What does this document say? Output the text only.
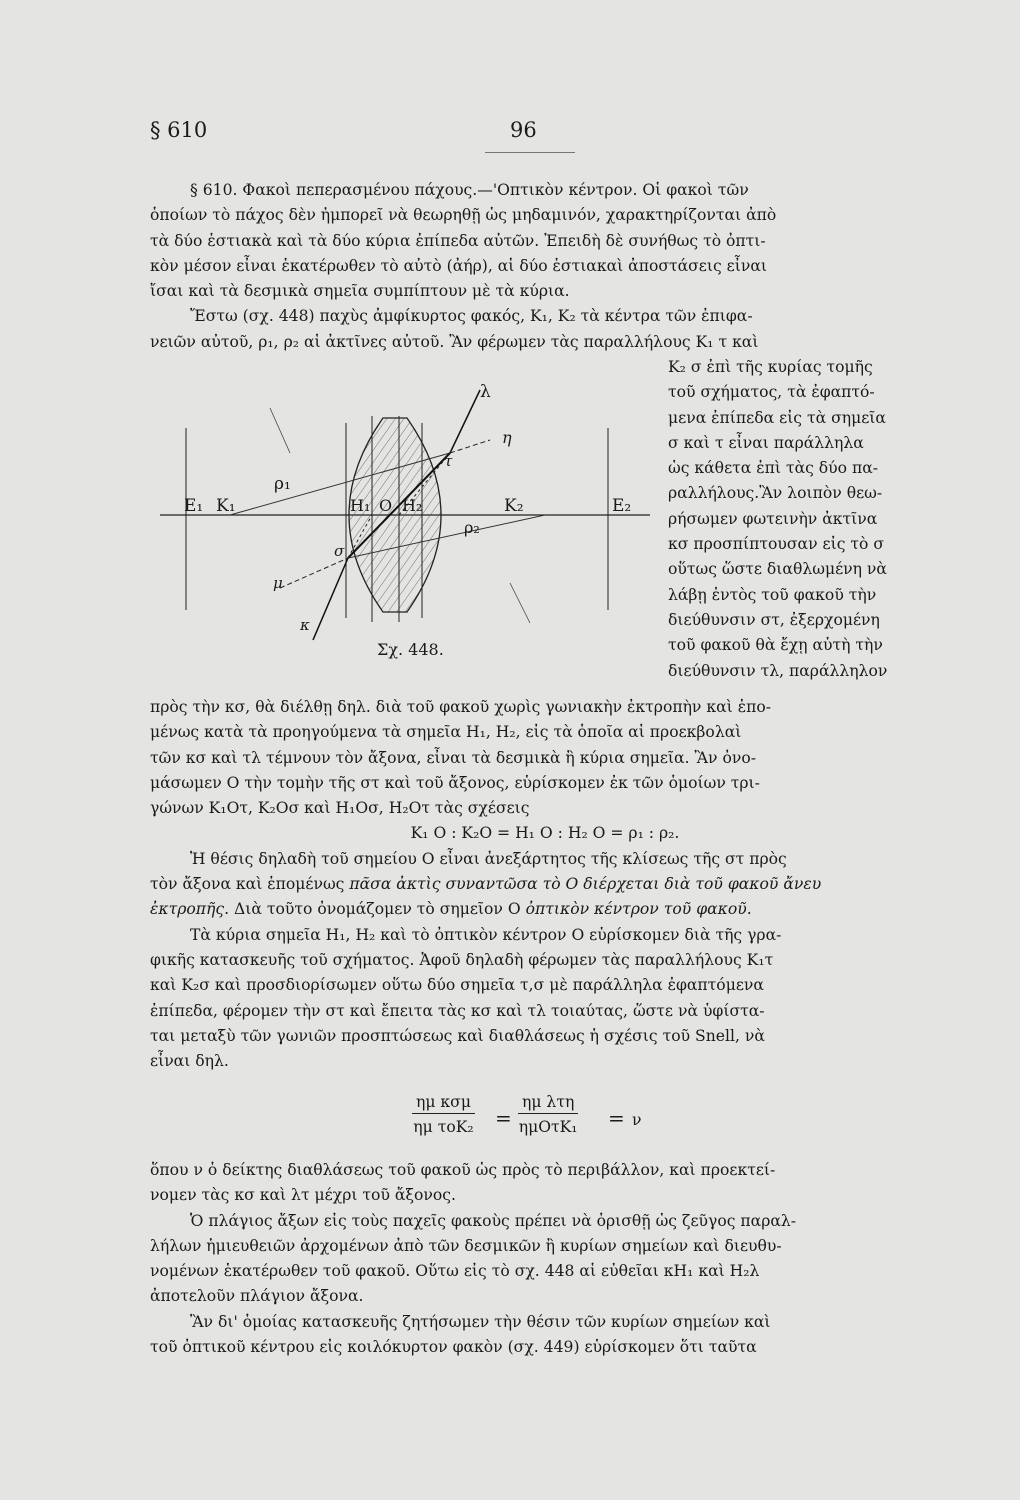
§ 610	96
§ 610. Φακοὶ πεπερασμένου πάχους.—'Οπτικὸν κέντρον. Οἱ φακοὶ τῶν
ὁποίων τὸ πάχος δὲν ἠμπορεῖ νὰ θεωρηθῇ ὡς μηδαμινόν, χαρακτηρίζονται ἀπὸ
τὰ δύο ἑστιακὰ καὶ τὰ δύο κύρια ἐπίπεδα αὐτῶν. Ἐπειδὴ δὲ συνήθως τὸ ὀπτι-
κὸν μέσον εἶναι ἑκατέρωθεν τὸ αὐτὸ (ἀήρ), αἱ δύο ἑστιακαὶ ἀποστάσεις εἶναι
ἴσαι καὶ τὰ δεσμικὰ σημεῖα συμπίπτουν μὲ τὰ κύρια.
Ἔστω (σχ. 448) παχὺς ἀμφίκυρτος φακός, Κ₁, Κ₂ τὰ κέντρα τῶν ἐπιφα-
νειῶν αὐτοῦ, ρ₁, ρ₂ αἱ ἀκτῖνες αὐτοῦ. Ἂν φέρωμεν τὰς παραλλήλους Κ₁ τ καὶ
E₁ K₁
ρ₁
H₁ O H₂	K₂	E₂
ρ₂
λ
η
τ
σ
μ
κ
Σχ. 448.
Κ₂ σ ἐπὶ τῆς κυρίας τομῆς
τοῦ σχήματος, τὰ ἐφαπτό-
μενα ἐπίπεδα εἰς τὰ σημεῖα
σ καὶ τ εἶναι παράλληλα
ὡς κάθετα ἐπὶ τὰς δύο πα-
ραλλήλους.Ἂν λοιπὸν θεω-
ρήσωμεν φωτεινὴν ἀκτῖνα
κσ προσπίπτουσαν εἰς τὸ σ
οὕτως ὥστε διαθλωμένη νὰ
λάβῃ ἐντὸς τοῦ φακοῦ τὴν
διεύθυνσιν στ, ἐξερχομένη
τοῦ φακοῦ θὰ ἔχῃ αὐτὴ τὴν
διεύθυνσιν τλ, παράλληλον
πρὸς τὴν κσ, θὰ διέλθῃ δηλ. διὰ τοῦ φακοῦ χωρὶς γωνιακὴν ἐκτροπὴν καὶ ἑπο-
μένως κατὰ τὰ προηγούμενα τὰ σημεῖα Η₁, Η₂, εἰς τὰ ὁποῖα αἱ προεκβολαὶ
τῶν κσ καὶ τλ τέμνουν τὸν ἄξονα, εἶναι τὰ δεσμικὰ ἢ κύρια σημεῖα. Ἂν ὀνο-
μάσωμεν Ο τὴν τομὴν τῆς στ καὶ τοῦ ἄξονος, εὑρίσκομεν ἐκ τῶν ὁμοίων τρι-
γώνων Κ₁Οτ, Κ₂Οσ καὶ Η₁Οσ, Η₂Οτ τὰς σχέσεις

Κ₁ Ο : Κ₂Ο = Η₁ Ο : Η₂ Ο = ρ₁ : ρ₂.

Ἡ θέσις δηλαδὴ τοῦ σημείου Ο εἶναι ἀνεξάρτητος τῆς κλίσεως τῆς στ πρὸς
τὸν ἄξονα καὶ ἑπομένως πᾶσα ἀκτὶς συναντῶσα τὸ Ο διέρχεται διὰ τοῦ φακοῦ ἄνευ
ἐκτροπῆς. Διὰ τοῦτο ὀνομάζομεν τὸ σημεῖον Ο ὀπτικὸν κέντρον τοῦ φακοῦ.
Τὰ κύρια σημεῖα Η₁, Η₂ καὶ τὸ ὀπτικὸν κέντρον Ο εὑρίσκομεν διὰ τῆς γρα-
φικῆς κατασκευῆς τοῦ σχήματος. Ἀφοῦ δηλαδὴ φέρωμεν τὰς παραλλήλους Κ₁τ
καὶ Κ₂σ καὶ προσδιορίσωμεν οὕτω δύο σημεῖα τ,σ μὲ παράλληλα ἐφαπτόμενα
ἐπίπεδα, φέρομεν τὴν στ καὶ ἔπειτα τὰς κσ καὶ τλ τοιαύτας, ὥστε νὰ ὑφίστα-
ται μεταξὺ τῶν γωνιῶν προσπτώσεως καὶ διαθλάσεως ἡ σχέσις τοῦ Snell, νὰ
εἶναι δηλ.
ημ κσμ
ημ τοΚ₂ =
ημ λτη
ημΟτΚ₁ = ν
ὅπου ν ὁ δείκτης διαθλάσεως τοῦ φακοῦ ὡς πρὸς τὸ περιβάλλον, καὶ προεκτεί-
νομεν τὰς κσ καὶ λτ μέχρι τοῦ ἄξονος.
Ὁ πλάγιος ἄξων εἰς τοὺς παχεῖς φακοὺς πρέπει νὰ ὁρισθῇ ὡς ζεῦγος παραλ-
λήλων ἡμιευθειῶν ἀρχομένων ἀπὸ τῶν δεσμικῶν ἢ κυρίων σημείων καὶ διευθυ-
νομένων ἑκατέρωθεν τοῦ φακοῦ. Οὕτω εἰς τὸ σχ. 448 αἱ εὐθεῖαι κΗ₁ καὶ Η₂λ
ἀποτελοῦν πλάγιον ἄξονα.
Ἂν δι' ὁμοίας κατασκευῆς ζητήσωμεν τὴν θέσιν τῶν κυρίων σημείων καὶ
τοῦ ὀπτικοῦ κέντρου εἰς κοιλόκυρτον φακὸν (σχ. 449) εὑρίσκομεν ὅτι ταῦτα
